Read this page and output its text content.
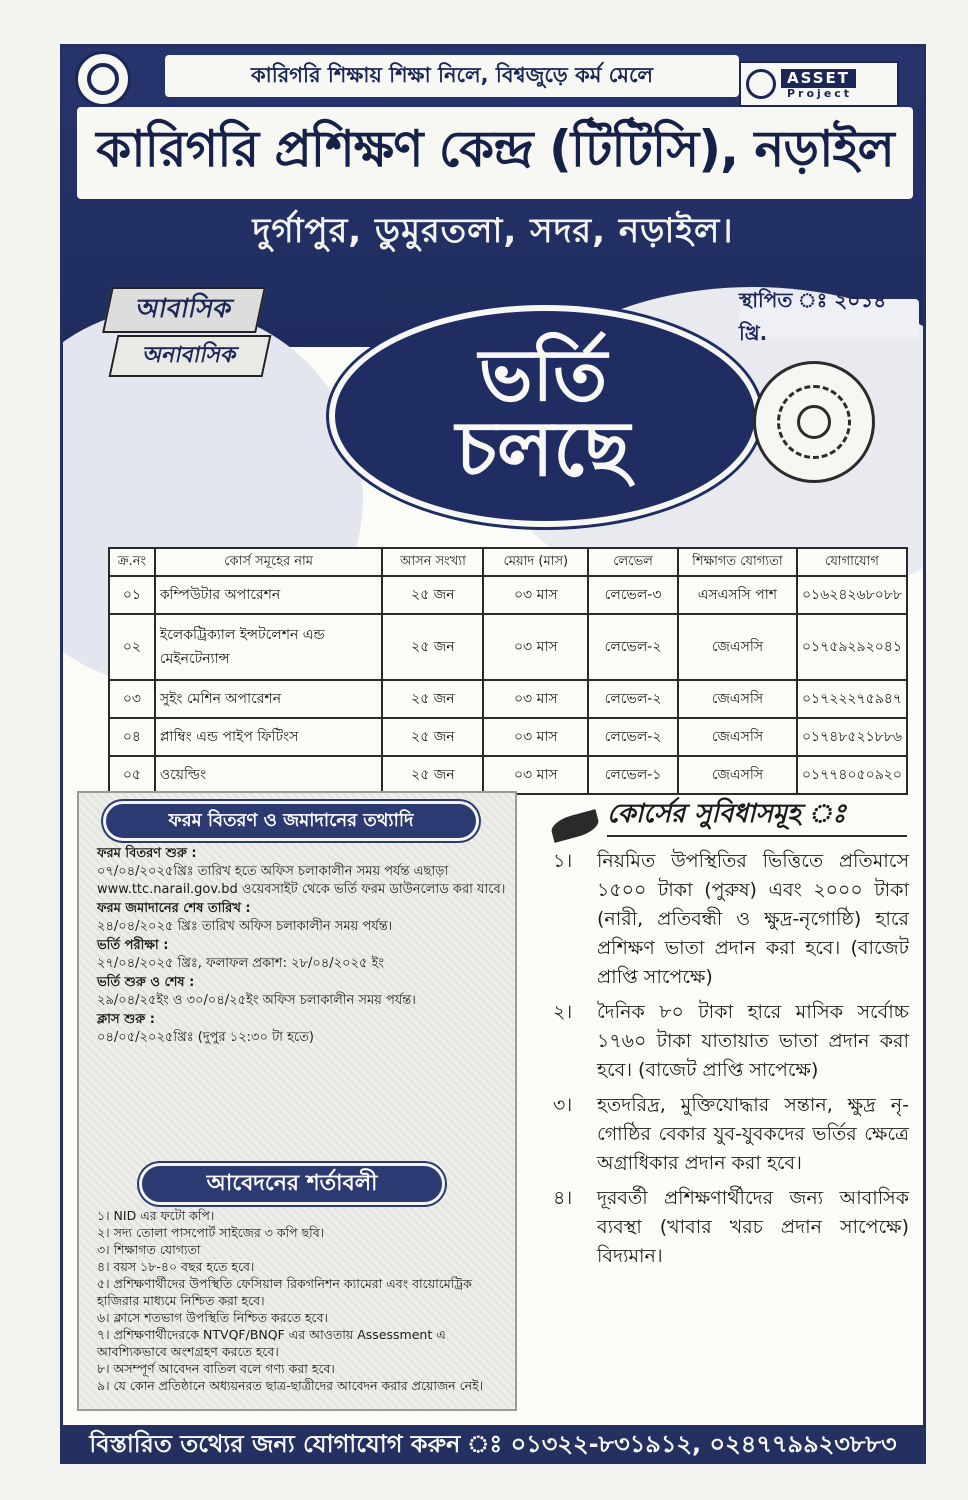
কারিগরি শিক্ষায় শিক্ষা নিলে, বিশ্বজুড়ে কর্ম মেলে	ASSET
Project
কারিগরি প্রশিক্ষণ কেন্দ্র (টিটিসি), নড়াইল
দুর্গাপুর, ডুমুরতলা, সদর, নড়াইল।
আবাসিক
অনাবাসিক
স্থাপিত ঃ ২০১৪ খ্রি.
ভর্তি
চলছে
ক্র.নং	কোর্স সমূহের নাম	আসন সংখ্যা	মেয়াদ (মাস)	লেভেল	শিক্ষাগত যোগ্যতা	যোগাযোগ
০১	কম্পিউটার অপারেশন	২৫ জন	০৩ মাস	লেভেল-৩	এসএসসি পাশ	০১৬২৪২৬৮০৮৮
০২	ইলেকট্রিক্যাল ইন্সটলেশন এন্ড মেইনটেন্যান্স	২৫ জন	০৩ মাস	লেভেল-২	জেএসসি	০১৭৫৯২৯২০৪১
০৩	সুইং মেশিন অপারেশন	২৫ জন	০৩ মাস	লেভেল-২	জেএসসি	০১৭২২২৭৫৯৪৭
০৪	প্লাম্বিং এন্ড পাইপ ফিটিংস	২৫ জন	০৩ মাস	লেভেল-২	জেএসসি	০১৭৪৮৫২১৮৮৬
০৫	ওয়েল্ডিং	২৫ জন	০৩ মাস	লেভেল-১	জেএসসি	০১৭৭৪০৫০৯২০
ফরম বিতরণ ও জমাদানের তথ্যাদি
ফরম বিতরণ শুরু :
০৭/০৪/২০২৫খ্রিঃ তারিখ হতে অফিস চলাকালীন সময় পর্যন্ত এছাড়া www.ttc.narail.gov.bd ওয়েবসাইট থেকে ভর্তি ফরম ডাউনলোড করা যাবে।
ফরম জমাদানের শেষ তারিখ :
২৪/০৪/২০২৫ খ্রিঃ তারিখ অফিস চলাকালীন সময় পর্যন্ত।
ভর্তি পরীক্ষা :
২৭/০৪/২০২৫ খ্রিঃ, ফলাফল প্রকাশ: ২৮/০৪/২০২৫ ইং
ভর্তি শুরু ও শেষ :
২৯/০৪/২৫ইং ও ৩০/০৪/২৫ইং অফিস চলাকালীন সময় পর্যন্ত।
ক্লাস শুরু :
০৪/০৫/২০২৫খ্রিঃ (দুপুর ১২:৩০ টা হতে)
আবেদনের শর্তাবলী

১। NID এর ফটো কপি।

২। সদ্য তোলা পাসপোর্ট সাইজের ৩ কপি ছবি।

৩। শিক্ষাগত যোগ্যতা

৪। বয়স ১৮-৪০ বছর হতে হবে।

৫। প্রশিক্ষণার্থীদের উপস্থিতি ফেসিয়াল রিকগনিশন ক্যামেরা এবং বায়োমেট্রিক হাজিরার মাধ্যমে নিশ্চিত করা হবে।

৬। ক্লাসে শতভাগ উপস্থিতি নিশ্চিত করতে হবে।

৭। প্রশিক্ষণার্থীদেরকে NTVQF/BNQF এর আওতায় Assessment এ আবশ্যিকভাবে অংশগ্রহণ করতে হবে।

৮। অসম্পূর্ণ আবেদন বাতিল বলে গণ্য করা হবে।

৯। যে কোন প্রতিষ্ঠানে অধ্যয়নরত ছাত্র-ছাত্রীদের আবেদন করার প্রয়োজন নেই।

কোর্সের সুবিধাসমূহ ঃ
১।	নিয়মিত উপস্থিতির ভিত্তিতে প্রতিমাসে ১৫০০ টাকা (পুরুষ) এবং ২০০০ টাকা (নারী, প্রতিবন্ধী ও ক্ষুদ্র-নৃগোষ্ঠি) হারে প্রশিক্ষণ ভাতা প্রদান করা হবে। (বাজেট প্রাপ্তি সাপেক্ষে)
২।	দৈনিক ৮০ টাকা হারে মাসিক সর্বোচ্চ ১৭৬০ টাকা যাতায়াত ভাতা প্রদান করা হবে। (বাজেট প্রাপ্তি সাপেক্ষে)
৩।	হতদরিদ্র, মুক্তিযোদ্ধার সন্তান, ক্ষুদ্র নৃ-গোষ্ঠির বেকার যুব-যুবকদের ভর্তির ক্ষেত্রে অগ্রাধিকার প্রদান করা হবে।
৪।	দূরবর্তী প্রশিক্ষণার্থীদের জন্য আবাসিক ব্যবস্থা (খাবার খরচ প্রদান সাপেক্ষে) বিদ্যমান।
বিস্তারিত তথ্যের জন্য যোগাযোগ করুন ঃ ০১৩২২-৮৩১৯১২, ০২৪৭৭৯৯২৩৮৮৩
